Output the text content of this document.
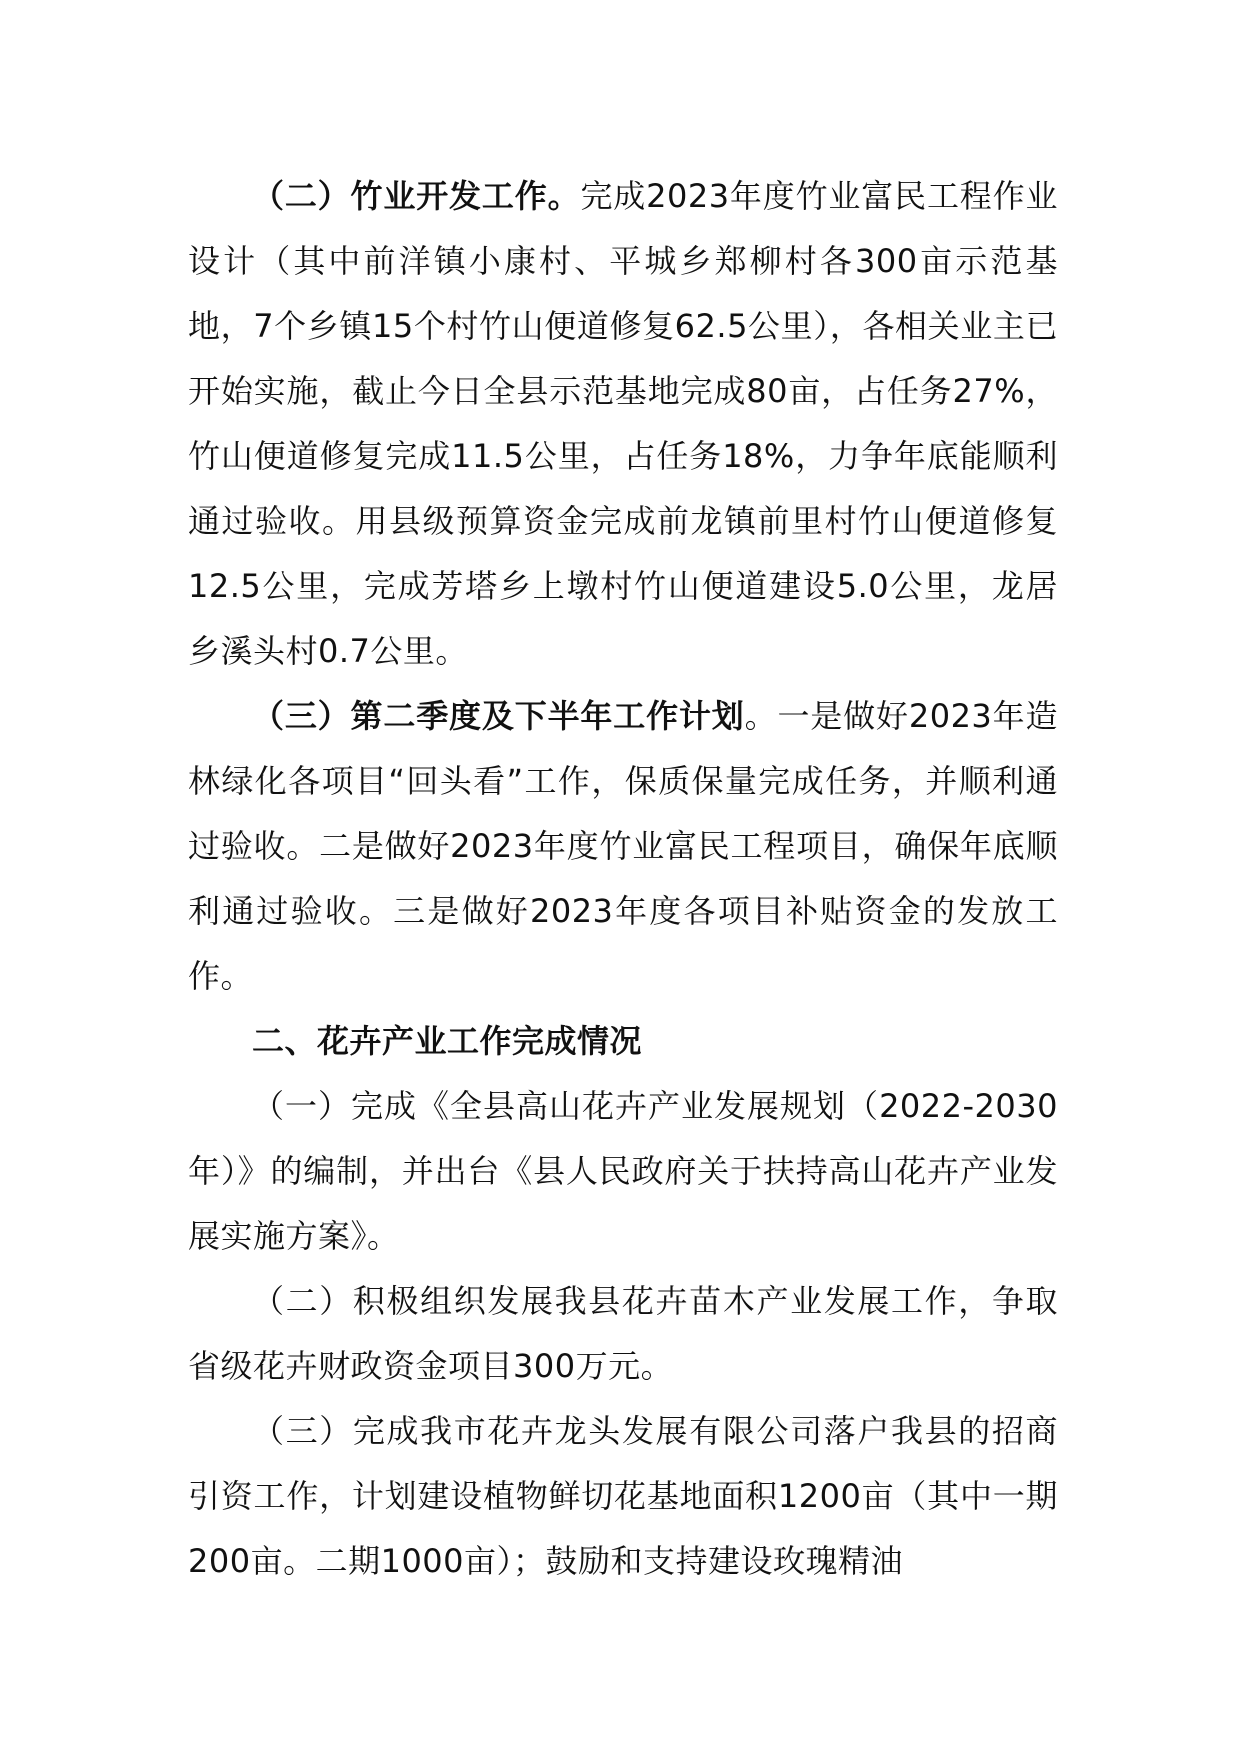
（二）竹业开发工作。完成2023年度竹业富民工程作业设计（其中前洋镇小康村、平城乡郑柳村各300亩示范基地，7个乡镇15个村竹山便道修复62.5公里），各相关业主已开始实施，截止今日全县示范基地完成80亩，占任务27%，竹山便道修复完成11.5公里，占任务18%，力争年底能顺利通过验收。用县级预算资金完成前龙镇前里村竹山便道修复12.5公里，完成芳塔乡上墩村竹山便道建设5.0公里，龙居乡溪头村0.7公里。

（三）第二季度及下半年工作计划。一是做好2023年造林绿化各项目“回头看”工作，保质保量完成任务，并顺利通过验收。二是做好2023年度竹业富民工程项目，确保年底顺利通过验收。三是做好2023年度各项目补贴资金的发放工作。

二、花卉产业工作完成情况

（一）完成《全县高山花卉产业发展规划（2022-2030年）》的编制，并出台《县人民政府关于扶持高山花卉产业发展实施方案》。

（二）积极组织发展我县花卉苗木产业发展工作，争取省级花卉财政资金项目300万元。

（三）完成我市花卉龙头发展有限公司落户我县的招商引资工作，计划建设植物鲜切花基地面积1200亩（其中一期200亩。二期1000亩）；鼓励和支持建设玫瑰精油
